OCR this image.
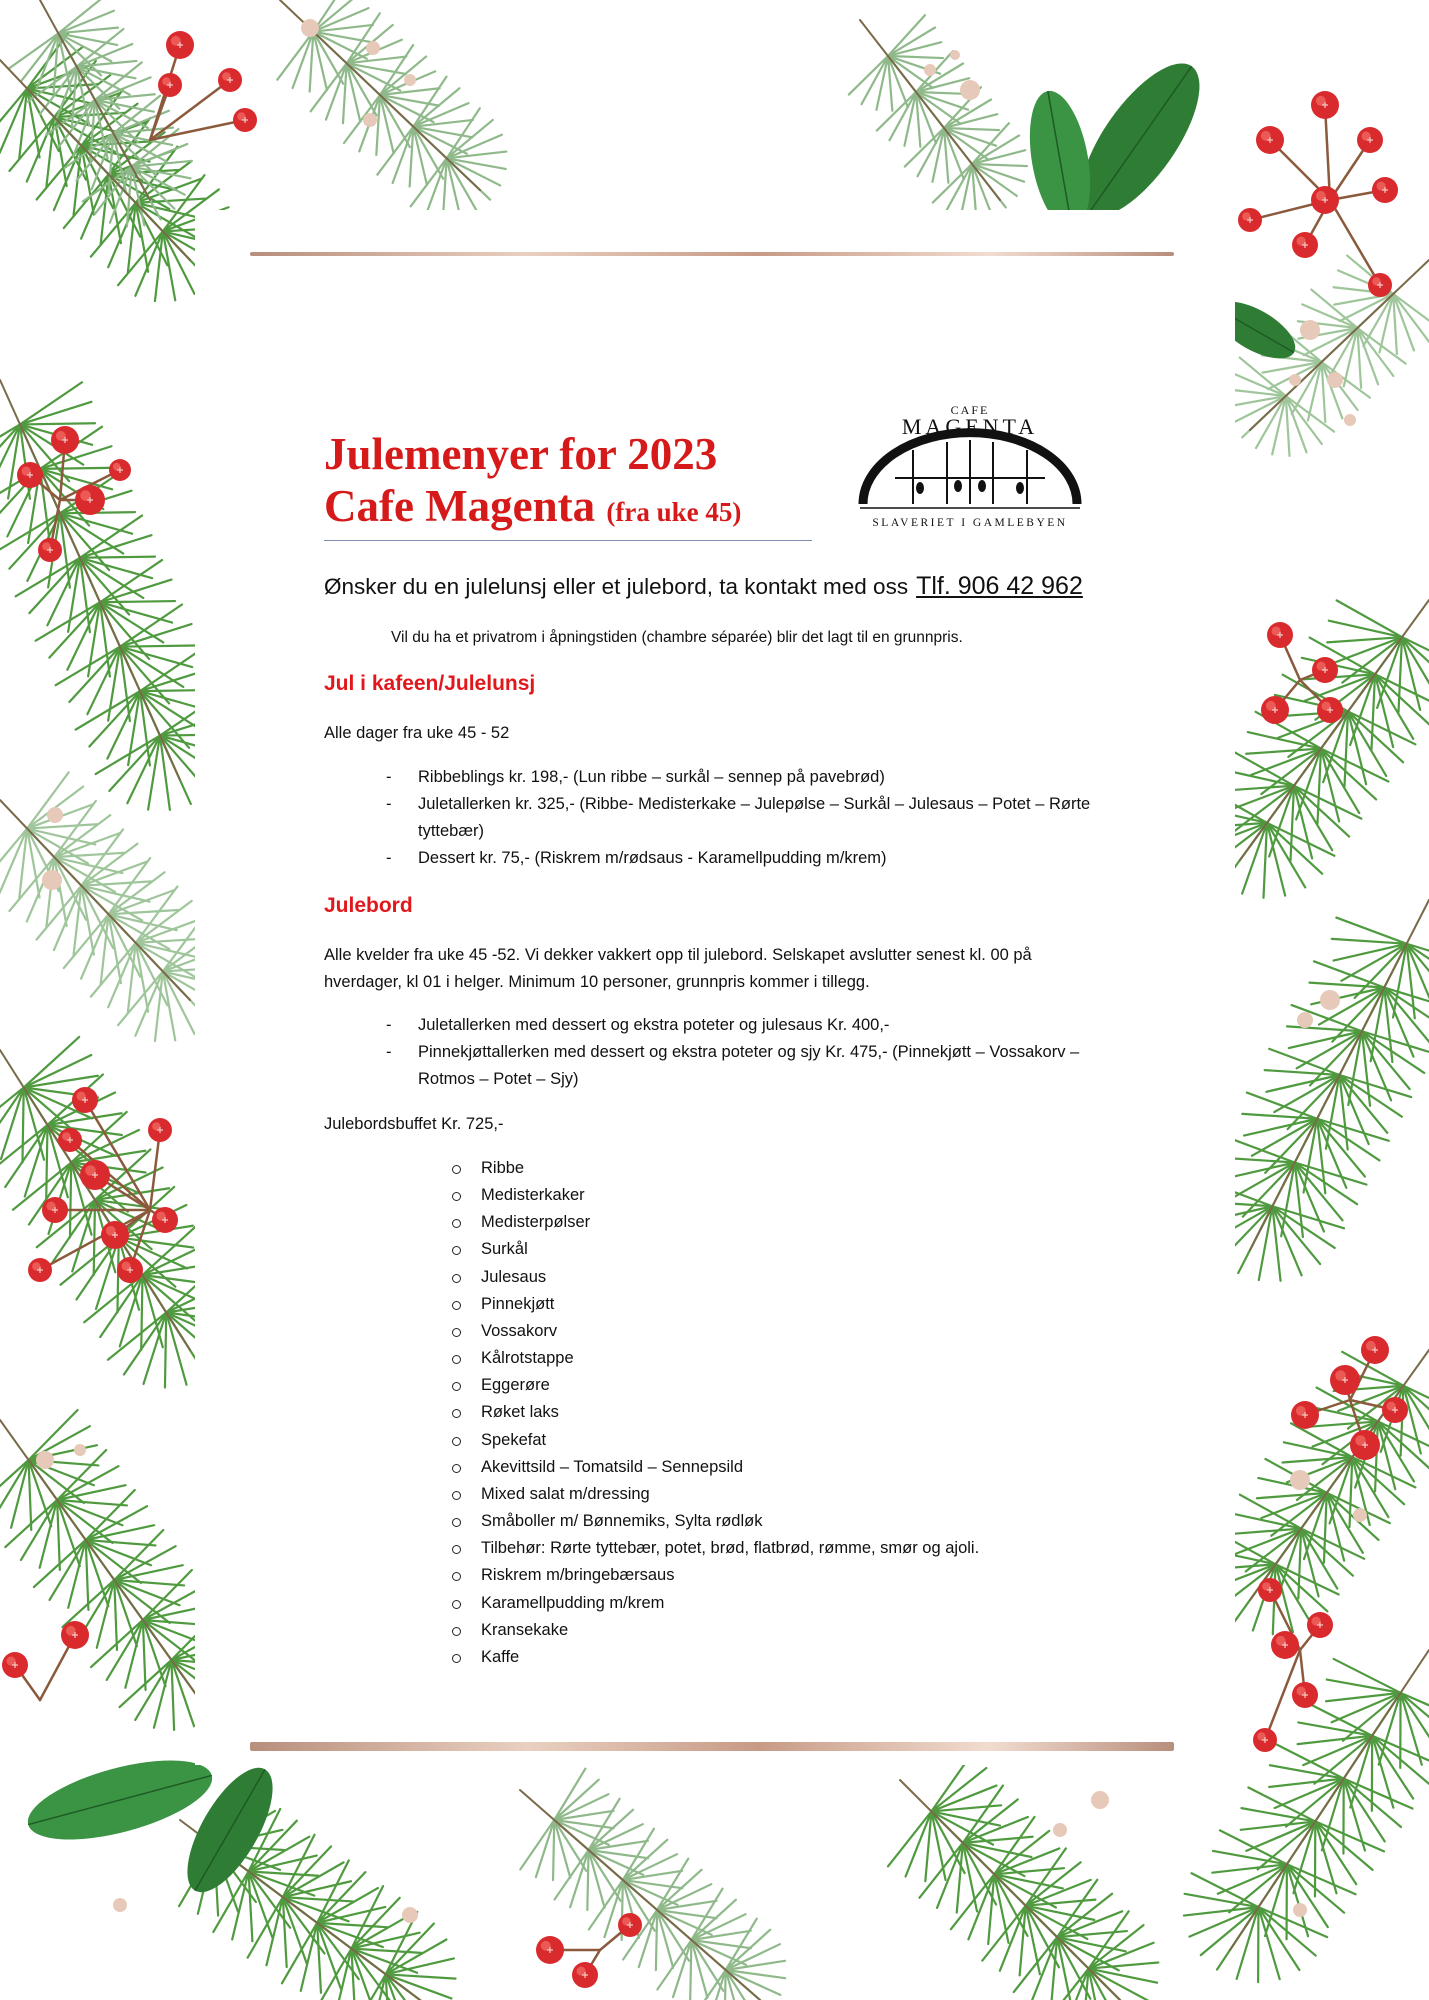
Julemenyer for 2023

Cafe Magenta (fra uke 45)

CAFE
MAGENTA
SLAVERIET I GAMLEBYEN
Ønsker du en julelunsj eller et julebord, ta kontakt med oss Tlf. 906 42 962
Vil du ha et privatrom i åpningstiden (chambre séparée) blir det lagt til en grunnpris.
Jul i kafeen/Julelunsj
Alle dager fra uke 45 - 52
- Ribbeblings kr. 198,- (Lun ribbe – surkål – sennep på pavebrød)
- Juletallerken kr. 325,- (Ribbe- Medisterkake – Julepølse – Surkål – Julesaus – Potet – Rørte tyttebær)
- Dessert kr. 75,- (Riskrem m/rødsaus - Karamellpudding m/krem)
Julebord
Alle kvelder fra uke 45 -52. Vi dekker vakkert opp til julebord. Selskapet avslutter senest kl. 00 på hverdager, kl 01 i helger. Minimum 10 personer, grunnpris kommer i tillegg.
- Juletallerken med dessert og ekstra poteter og julesaus Kr. 400,-
- Pinnekjøttallerken med dessert og ekstra poteter og sjy Kr. 475,- (Pinnekjøtt – Vossakorv – Rotmos – Potet – Sjy)
Julebordsbuffet Kr. 725,-
Ribbe
Medisterkaker
Medisterpølser
Surkål
Julesaus
Pinnekjøtt
Vossakorv
Kålrotstappe
Eggerøre
Røket laks
Spekefat
Akevittsild – Tomatsild – Sennepsild
Mixed salat m/dressing
Småboller m/ Bønnemiks, Sylta rødløk
Tilbehør: Rørte tyttebær, potet, brød, flatbrød, rømme, smør og ajoli.
Riskrem m/bringebærsaus
Karamellpudding m/krem
Kransekake
Kaffe
